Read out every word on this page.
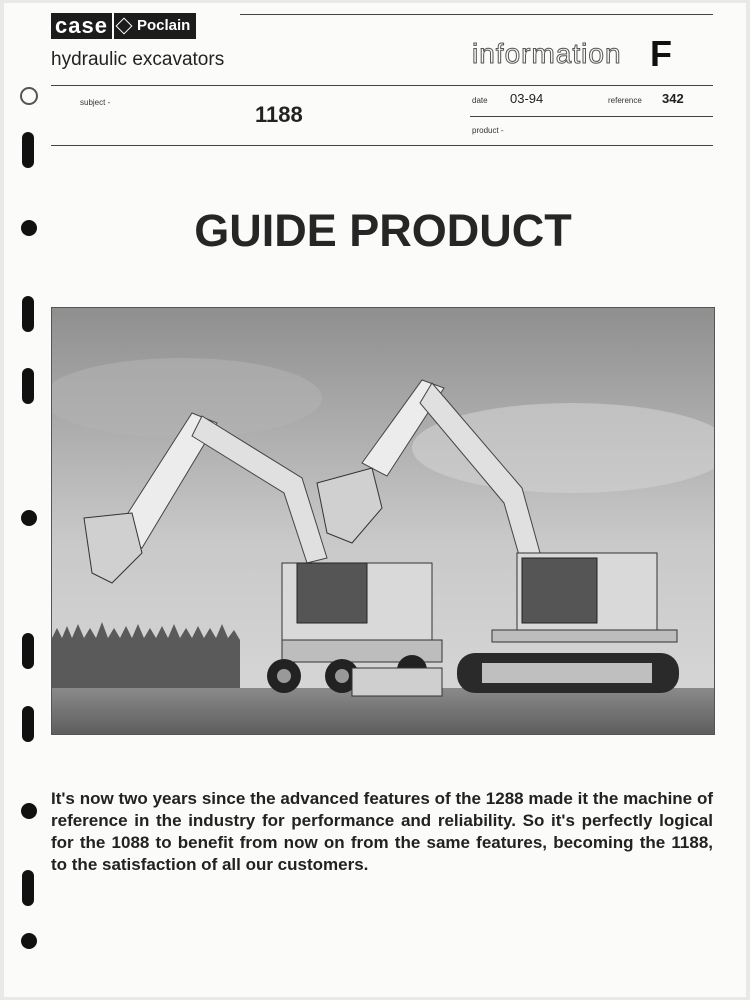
case Poclain
hydraulic excavators	information F
subject -	1188
date 03-94	reference 342
product -
GUIDE PRODUCT
It's now two years since the advanced features of the 1288 made it the machine of reference in the industry for performance and reliability. So it's perfectly logical for the 1088 to benefit from now on from the same features, becoming the 1188, to the satisfaction of all our customers.
